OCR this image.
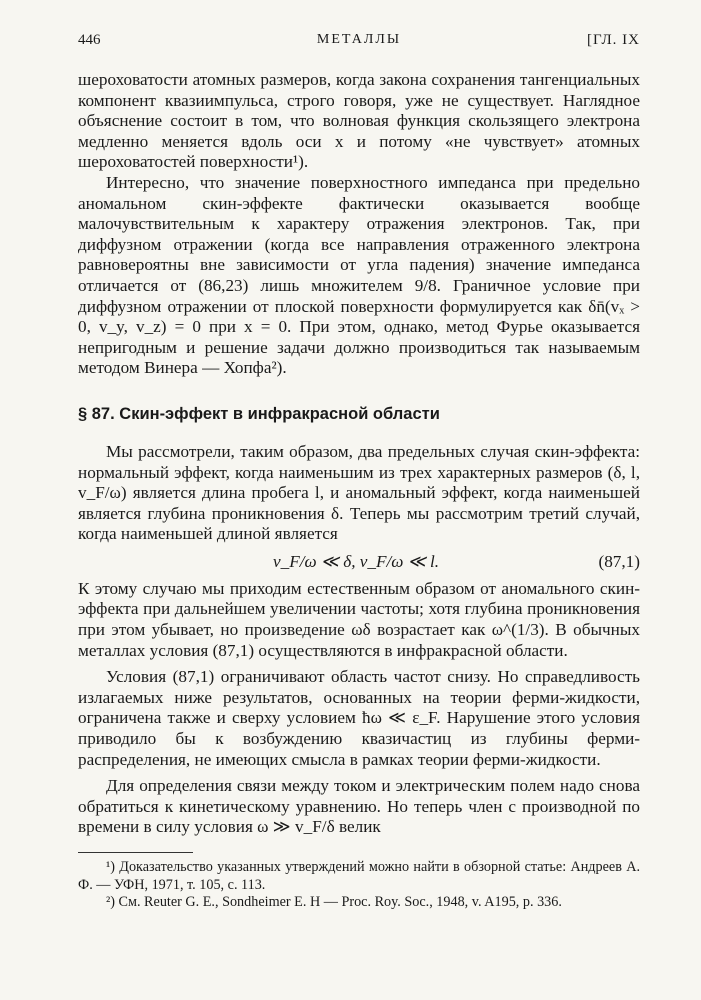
446	МЕТАЛЛЫ	[ГЛ. IX

шероховатости атомных размеров, когда закона сохранения тангенциальных компонент квазиимпульса, строго говоря, уже не существует. Наглядное объяснение состоит в том, что волновая функция скользящего электрона медленно меняется вдоль оси x и потому «не чувствует» атомных шероховатостей поверхности¹).

Интересно, что значение поверхностного импеданса при предельно аномальном скин-эффекте фактически оказывается вообще малочувствительным к характеру отражения электронов. Так, при диффузном отражении (когда все направления отраженного электрона равновероятны вне зависимости от угла падения) значение импеданса отличается от (86,23) лишь множителем 9/8. Граничное условие при диффузном отражении от плоской поверхности формулируется как δn̄(vₓ > 0, v_y, v_z) = 0 при x = 0. При этом, однако, метод Фурье оказывается непригодным и решение задачи должно производиться так называемым методом Винера — Хопфа²).

§ 87. Скин-эффект в инфракрасной области

Мы рассмотрели, таким образом, два предельных случая скин-эффекта: нормальный эффект, когда наименьшим из трех характерных размеров (δ, l, v_F/ω) является длина пробега l, и аномальный эффект, когда наименьшей является глубина проникновения δ. Теперь мы рассмотрим третий случай, когда наименьшей длиной является

v_F/ω ≪ δ, v_F/ω ≪ l.	(87,1)

К этому случаю мы приходим естественным образом от аномального скин-эффекта при дальнейшем увеличении частоты; хотя глубина проникновения при этом убывает, но произведение ωδ возрастает как ω^(1/3). В обычных металлах условия (87,1) осуществляются в инфракрасной области.

Условия (87,1) ограничивают область частот снизу. Но справедливость излагаемых ниже результатов, основанных на теории ферми-жидкости, ограничена также и сверху условием ħω ≪ ε_F. Нарушение этого условия приводило бы к возбуждению квазичастиц из глубины ферми-распределения, не имеющих смысла в рамках теории ферми-жидкости.

Для определения связи между током и электрическим полем надо снова обратиться к кинетическому уравнению. Но теперь член с производной по времени в силу условия ω ≫ v_F/δ велик

¹) Доказательство указанных утверждений можно найти в обзорной статье: Андреев А. Ф. — УФН, 1971, т. 105, с. 113.

²) См. Reuter G. E., Sondheimer E. H — Proc. Roy. Soc., 1948, v. A195, p. 336.
